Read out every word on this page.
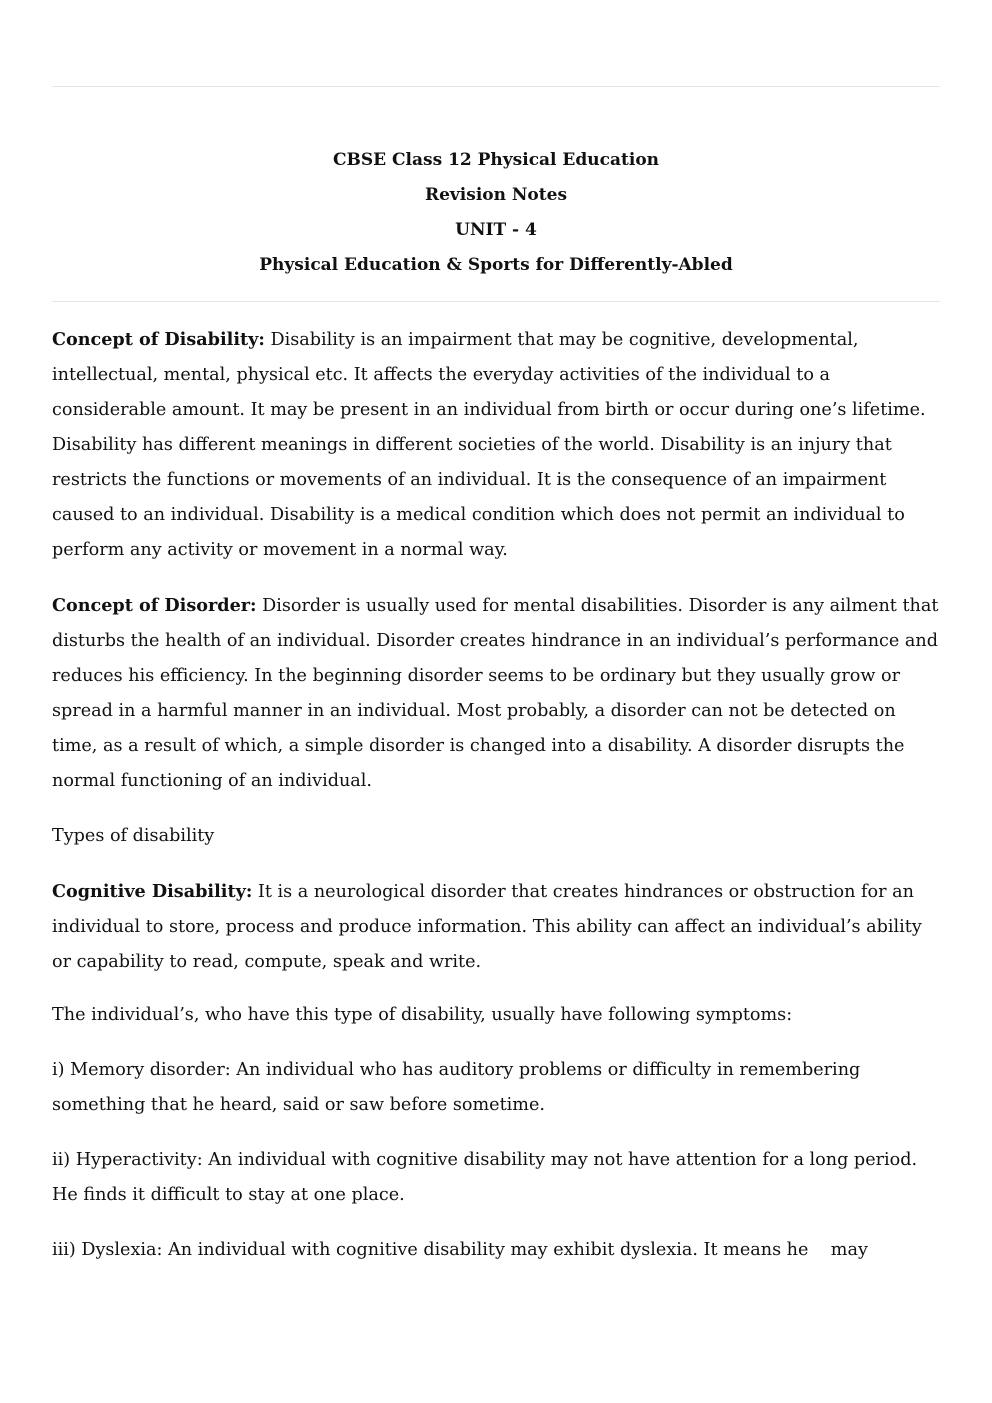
CBSE Class 12 Physical Education
Revision Notes
UNIT - 4
Physical Education & Sports for Differently-Abled

Concept of Disability: Disability is an impairment that may be cognitive, developmental, intellectual, mental, physical etc. It affects the everyday activities of the individual to a considerable amount. It may be present in an individual from birth or occur during one’s lifetime. Disability has different meanings in different societies of the world. Disability is an injury that restricts the functions or movements of an individual. It is the consequence of an impairment caused to an individual. Disability is a medical condition which does not permit an individual to perform any activity or movement in a normal way.

Concept of Disorder: Disorder is usually used for mental disabilities. Disorder is any ailment that disturbs the health of an individual. Disorder creates hindrance in an individual’s performance and reduces his efficiency. In the beginning disorder seems to be ordinary but they usually grow or spread in a harmful manner in an individual. Most probably, a disorder can not be detected on time, as a result of which, a simple disorder is changed into a disability. A disorder disrupts the normal functioning of an individual.

Types of disability

Cognitive Disability: It is a neurological disorder that creates hindrances or obstruction for an individual to store, process and produce information. This ability can affect an individual’s ability or capability to read, compute, speak and write.

The individual’s, who have this type of disability, usually have following symptoms:

i) Memory disorder: An individual who has auditory problems or difficulty in remembering something that he heard, said or saw before sometime.

ii) Hyperactivity: An individual with cognitive disability may not have attention for a long period. He finds it difficult to stay at one place.

iii) Dyslexia: An individual with cognitive disability may exhibit dyslexia. It means he    may
